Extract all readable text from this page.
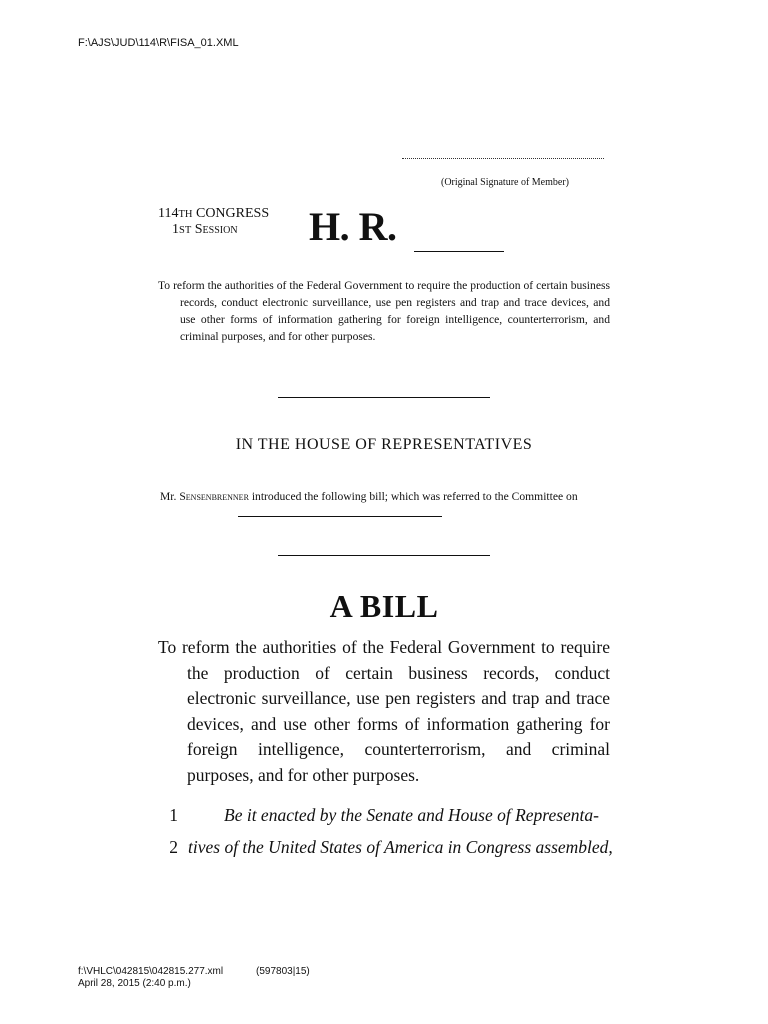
F:\AJS\JUD\114\R\FISA_01.XML
(Original Signature of Member)
114TH CONGRESS
1ST Session	H. R.

To reform the authorities of the Federal Government to require the production of certain business records, conduct electronic surveillance, use pen registers and trap and trace devices, and use other forms of information gathering for foreign intelligence, counterterrorism, and criminal purposes, and for other purposes.

IN THE HOUSE OF REPRESENTATIVES

Mr. Sensenbrenner introduced the following bill; which was referred to the Committee on

A BILL

To reform the authorities of the Federal Government to require the production of certain business records, conduct electronic surveillance, use pen registers and trap and trace devices, and use other forms of information gathering for foreign intelligence, counterterrorism, and criminal purposes, and for other purposes.

1	Be it enacted by the Senate and House of Representa-
2 tives of the United States of America in Congress assembled,
f:\VHLC\042815\042815.277.xml	(597803|15)
April 28, 2015 (2:40 p.m.)
